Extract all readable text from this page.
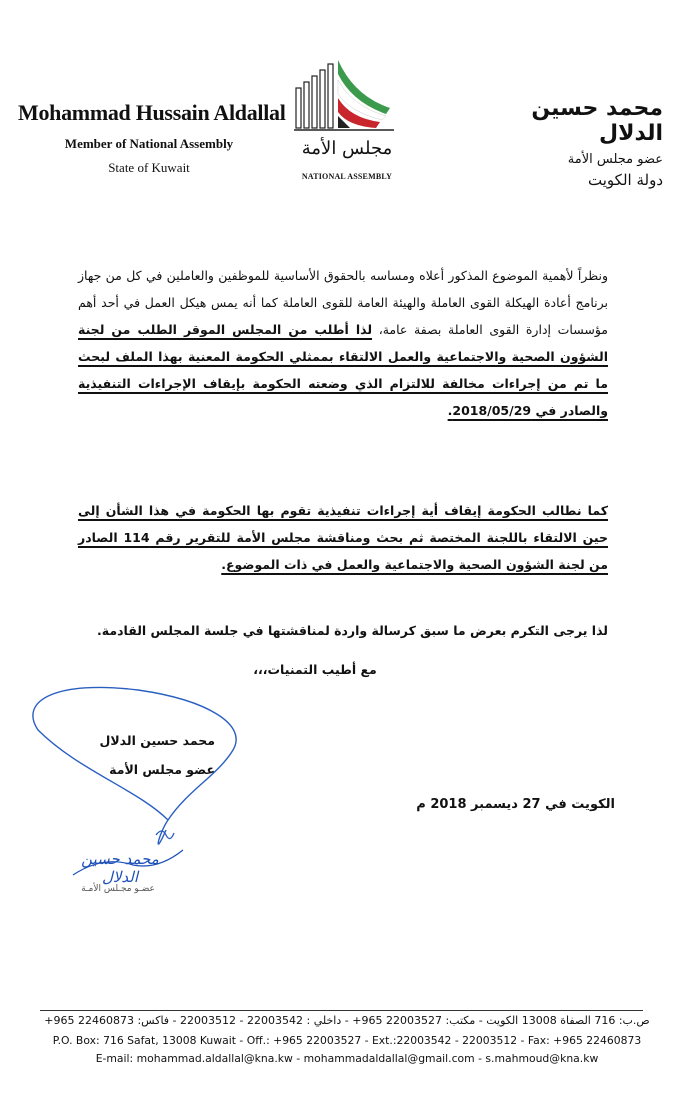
Mohammad Hussain Aldallal
Member of National Assembly
State of Kuwait
مجلس الأمة
NATIONAL ASSEMBLY
محمد حسين الدلال
عضو مجلس الأمة
دولة الكويت
ونظراً لأهمية الموضوع المذكور أعلاه ومساسه بالحقوق الأساسية للموظفين والعاملين في كل من جهاز برنامج أعادة الهيكلة القوى العاملة والهيئة العامة للقوى العاملة كما أنه يمس هيكل العمل في أحد أهم مؤسسات إدارة القوى العاملة بصفة عامة، لذا أطلب من المجلس الموقر الطلب من لجنة الشؤون الصحية والاجتماعية والعمل الالتقاء بممثلي الحكومة المعنية بهذا الملف لبحث ما تم من إجراءات مخالفة للالتزام الذي وضعته الحكومة بإيقاف الإجراءات التنفيذية والصادر في 2018/05/29.
كما نطالب الحكومة إيقاف أية إجراءات تنفيذية تقوم بها الحكومة في هذا الشأن إلى حين الالتقاء باللجنة المختصة ثم بحث ومناقشة مجلس الأمة للتقرير رقم 114 الصادر من لجنة الشؤون الصحية والاجتماعية والعمل في ذات الموضوع.
لذا يرجى التكرم بعرض ما سبق كرسالة واردة لمناقشتها في جلسة المجلس القادمة.
مع أطيب التمنيات،،،
محمد حسين الدلال
عضو مجلس الأمة
محمد حسين الدلال
عضـو مجـلس الأمـة
الكويت في 27 ديسمبر 2018 م
ص.ب: 716 الصفاة 13008 الكويت - مكتب: 22003527 965+ - داخلي : 22003542 - 22003512 - فاكس: 22460873 965+
P.O. Box: 716 Safat, 13008 Kuwait - Off.: +965 22003527 - Ext.:22003542 - 22003512 - Fax: +965 22460873
E-mail: mohammad.aldallal@kna.kw - mohammadaldallal@gmail.com - s.mahmoud@kna.kw
